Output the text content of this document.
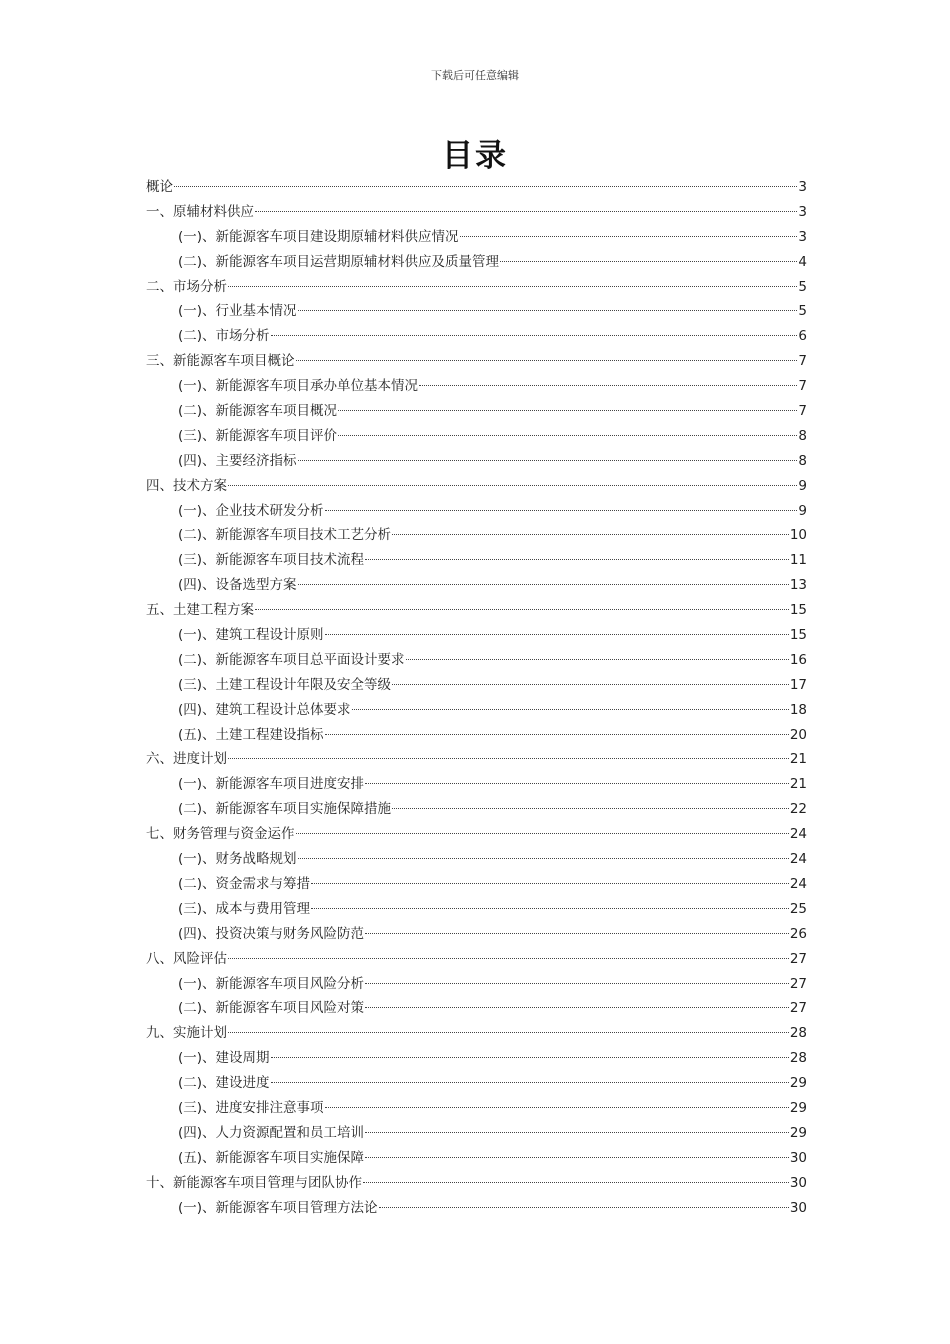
下载后可任意编辑
目录
概论	3
一、原辅材料供应	3
(一)、新能源客车项目建设期原辅材料供应情况	3
(二)、新能源客车项目运营期原辅材料供应及质量管理	4
二、市场分析	5
(一)、行业基本情况	5
(二)、市场分析	6
三、新能源客车项目概论	7
(一)、新能源客车项目承办单位基本情况	7
(二)、新能源客车项目概况	7
(三)、新能源客车项目评价	8
(四)、主要经济指标	8
四、技术方案	9
(一)、企业技术研发分析	9
(二)、新能源客车项目技术工艺分析	10
(三)、新能源客车项目技术流程	11
(四)、设备选型方案	13
五、土建工程方案	15
(一)、建筑工程设计原则	15
(二)、新能源客车项目总平面设计要求	16
(三)、土建工程设计年限及安全等级	17
(四)、建筑工程设计总体要求	18
(五)、土建工程建设指标	20
六、进度计划	21
(一)、新能源客车项目进度安排	21
(二)、新能源客车项目实施保障措施	22
七、财务管理与资金运作	24
(一)、财务战略规划	24
(二)、资金需求与筹措	24
(三)、成本与费用管理	25
(四)、投资决策与财务风险防范	26
八、风险评估	27
(一)、新能源客车项目风险分析	27
(二)、新能源客车项目风险对策	27
九、实施计划	28
(一)、建设周期	28
(二)、建设进度	29
(三)、进度安排注意事项	29
(四)、人力资源配置和员工培训	29
(五)、新能源客车项目实施保障	30
十、新能源客车项目管理与团队协作	30
(一)、新能源客车项目管理方法论	30
